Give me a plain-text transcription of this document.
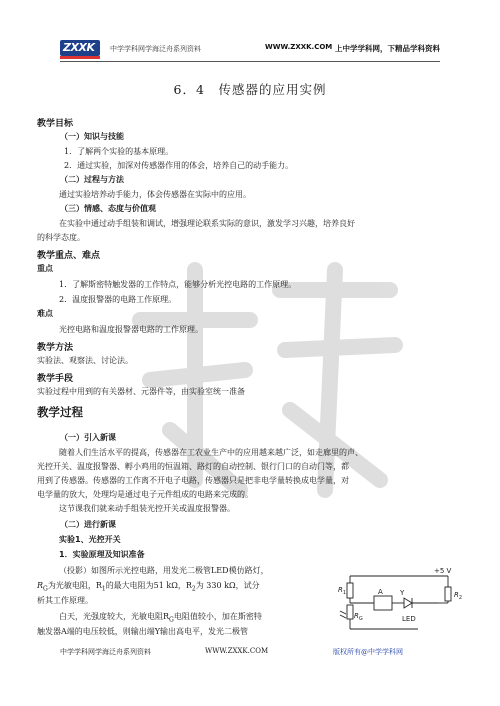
ZXXK 中学学科网学海泛舟系列资料	WWW.ZXXK.COM 上中学学科网，下精品学科资料
6．4　传感器的应用实例
教学目标
（一）知识与技能
1．了解两个实验的基本原理。
2．通过实验，加深对传感器作用的体会，培养自己的动手能力。
（二）过程与方法
通过实验培养动手能力，体会传感器在实际中的应用。
（三）情感、态度与价值观
在实验中通过动手组装和调试，增强理论联系实际的意识，激发学习兴趣，培养良好
的科学态度。
教学重点、难点
重点
1．了解斯密特触发器的工作特点，能够分析光控电路的工作原理。
2．温度报警器的电路工作原理。
难点
光控电路和温度报警器电路的工作原理。
教学方法
实验法、观察法、讨论法。
教学手段
实验过程中用到的有关器材、元器件等，由实验室统一准备
教学过程
（一）引入新课
随着人们生活水平的提高，传感器在工农业生产中的应用越来越广泛，如走廊里的声、
光控开关、温度报警器、孵小鸡用的恒温箱、路灯的自动控制、银行门口的自动门等，都
用到了传感器。传感器的工作离不开电子电路，传感器只是把非电学量转换成电学量，对
电学量的放大，处理均是通过电子元件组成的电路来完成的。
这节课我们就来动手组装光控开关或温度报警器。
（二）进行新课
实验1、光控开关
1．实验原理及知识准备
（投影）如图所示光控电路，用发光二极管LED模仿路灯，
$R_G$为光敏电阻，$R_1$的最大电阻为51 kΩ，$R_2$为 330 kΩ，试分
析其工作原理。
白天，光强度较大，光敏电阻$R_G$电阻值较小，加在斯密特
触发器A端的电压较低，则输出端Y输出高电平，发光二极管
$R_1$
$R_G$
A Y
LED
$R_2$
+5 V
中学学科网学海泛舟系列资料	WWW.ZXXK.COM	版权所有@中学学科网
